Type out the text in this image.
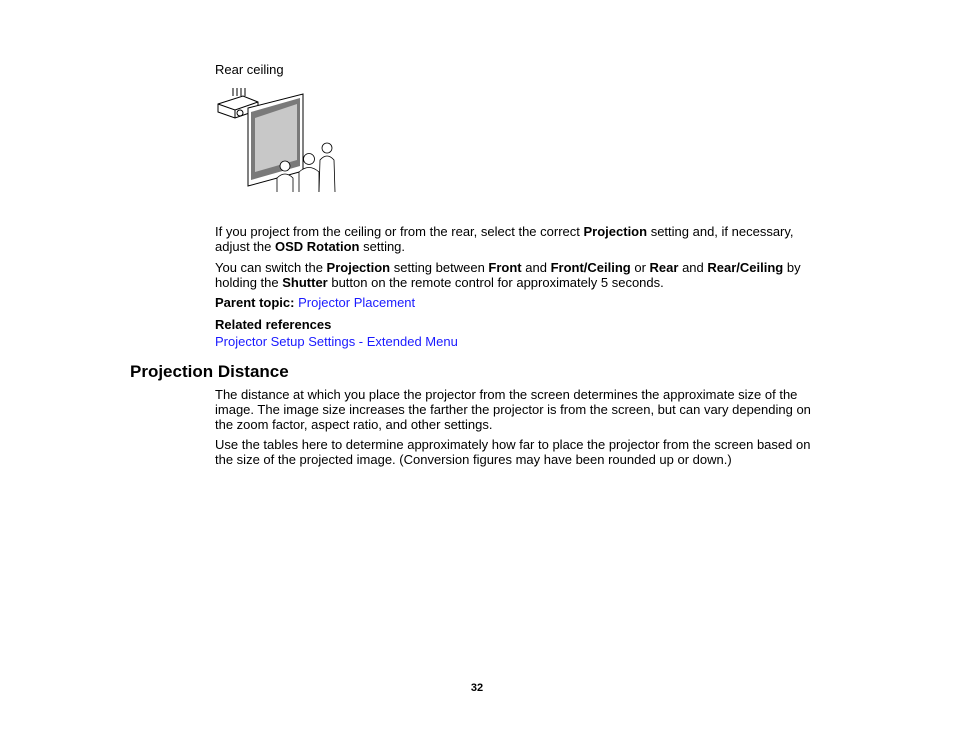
Rear ceiling
If you project from the ceiling or from the rear, select the correct Projection setting and, if necessary, adjust the OSD Rotation setting.
You can switch the Projection setting between Front and Front/Ceiling or Rear and Rear/Ceiling by holding the Shutter button on the remote control for approximately 5 seconds.
Parent topic: Projector Placement
Related references
Projector Setup Settings - Extended Menu
Projection Distance
The distance at which you place the projector from the screen determines the approximate size of the image. The image size increases the farther the projector is from the screen, but can vary depending on the zoom factor, aspect ratio, and other settings.
Use the tables here to determine approximately how far to place the projector from the screen based on the size of the projected image. (Conversion figures may have been rounded up or down.)
32
